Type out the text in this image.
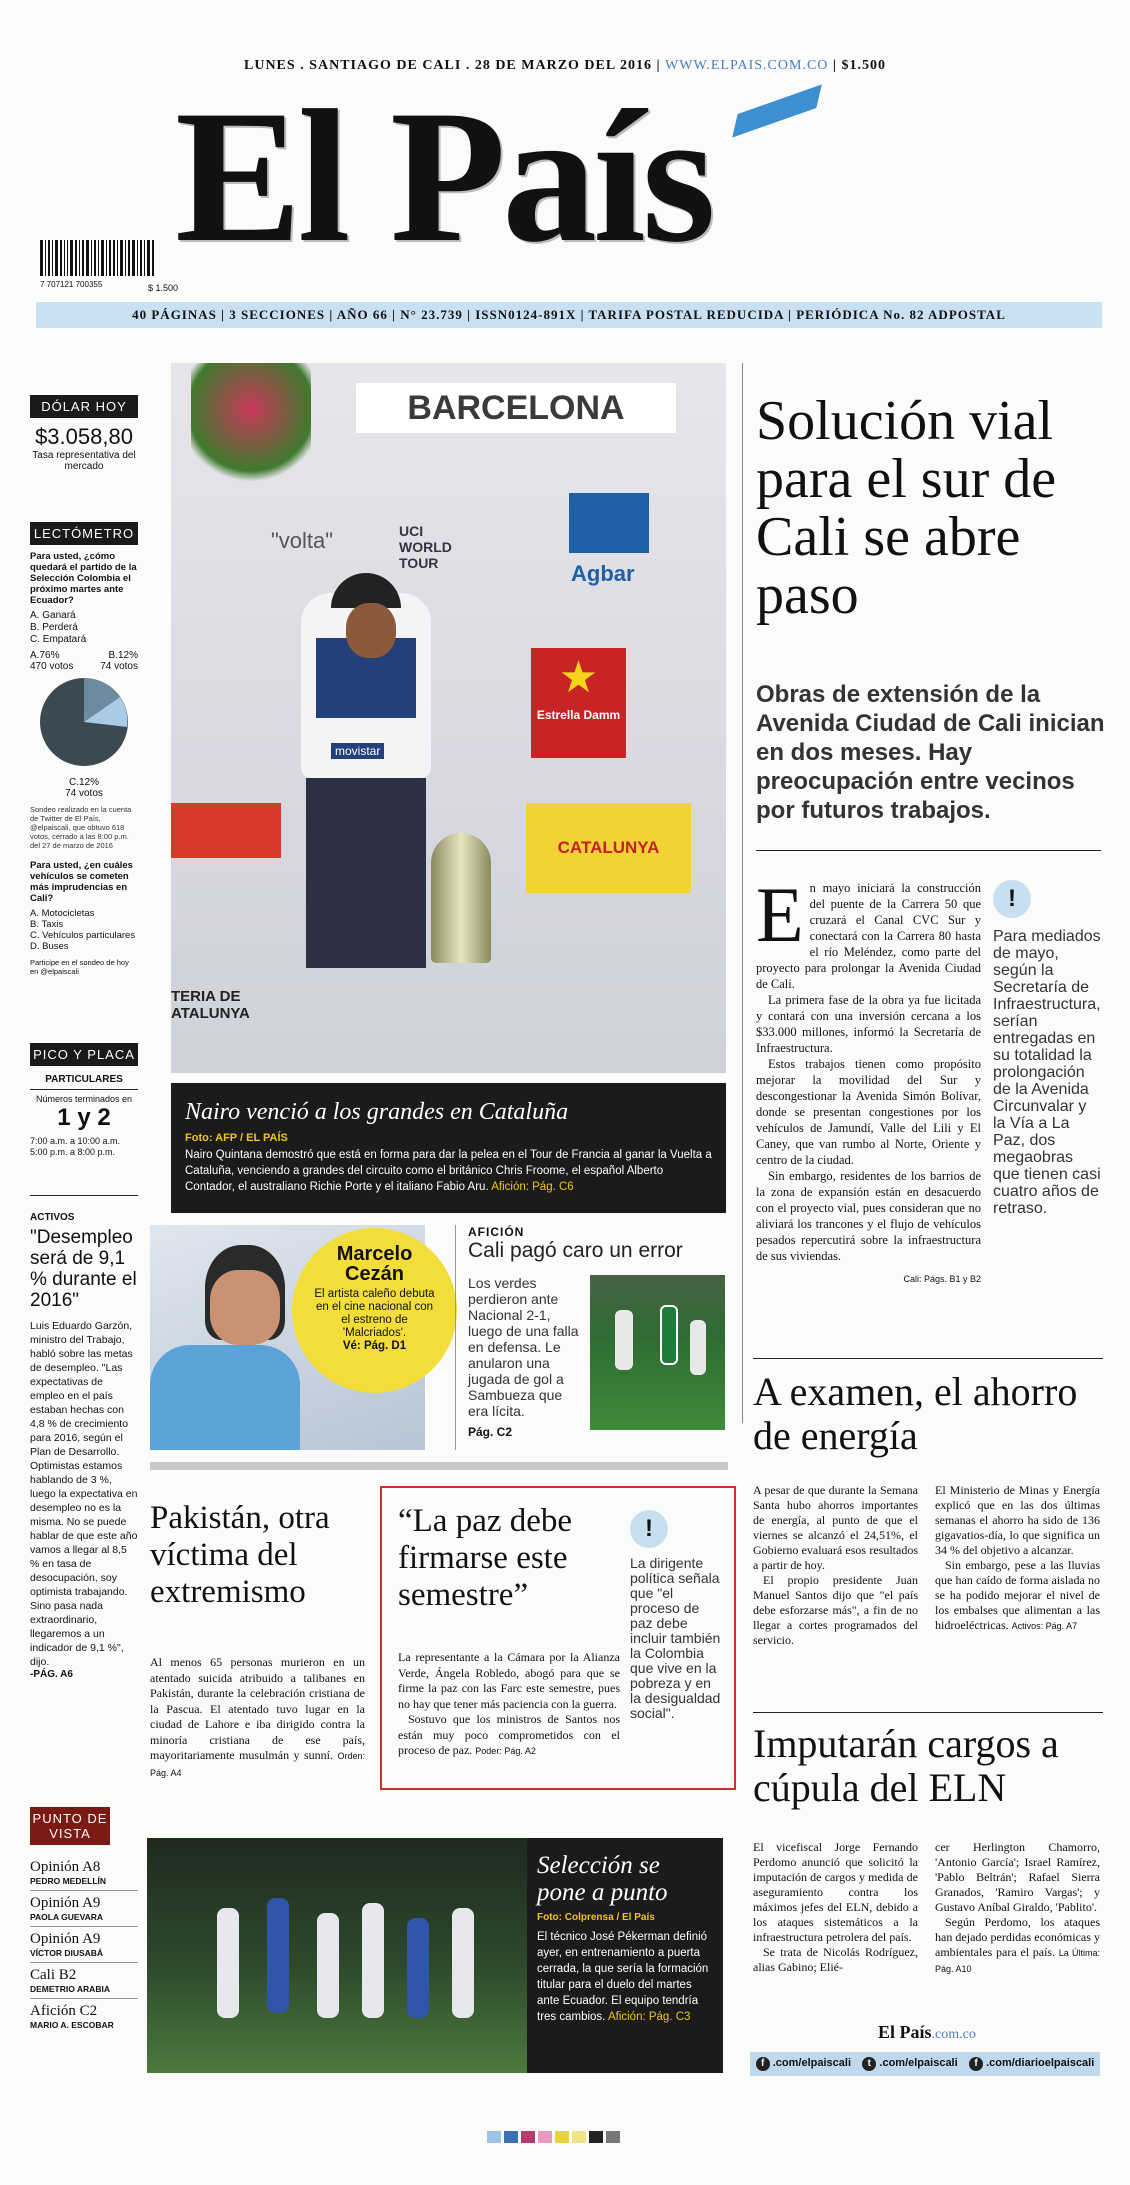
LUNES . SANTIAGO DE CALI . 28 DE MARZO DEL 2016 | WWW.ELPAIS.COM.CO | $1.500
El País
7 707121 700355	$ 1.500
40 PÁGINAS | 3 SECCIONES | AÑO 66 | N° 23.739 | ISSN0124-891X | TARIFA POSTAL REDUCIDA | PERIÓDICA No. 82 ADPOSTAL
DÓLAR HOY
$3.058,80
Tasa representativa del mercado
LECTÓMETRO
Para usted, ¿cómo quedará el partido de la Selección Colombia el próximo martes ante Ecuador?
A. Ganará
B. Perderá
C. Empatará
A.76%
470 votos
B.12%
74 votos
C.12%
74 votos
Sondeo realizado en la cuenta de Twitter de El País, @elpaiscali, que obtuvo 618 votos, cerrado a las 8:00 p.m. del 27 de marzo de 2016
Para usted, ¿en cuáles vehículos se cometen más imprudencias en Cali?
A. Motocicletas
B. Taxis
C. Vehículos particulares
D. Buses
Participe en el sondeo de hoy en @elpaiscali
PICO Y PLACA
PARTICULARES
Números terminados en
1 y 2
7:00 a.m. a 10:00 a.m. 5:00 p.m. a 8:00 p.m.
ACTIVOS
"Desempleo será de 9,1 % durante el 2016"
Luis Eduardo Garzón, ministro del Trabajo, habló sobre las metas de desempleo. "Las expectativas de empleo en el país estaban hechas con 4,8 % de crecimiento para 2016, según el Plan de Desarrollo. Optimistas estamos hablando de 3 %, luego la expectativa en desempleo no es la misma. No se puede hablar de que este año vamos a llegar al 8,5 % en tasa de desocupación, soy optimista trabajando. Sino pasa nada extraordinario, llegaremos a un indicador de 9,1 %", dijo.
-PÁG. A6
PUNTO DE VISTA
Opinión A8
PEDRO MEDELLÍN
Opinión A9
PAOLA GUEVARA
Opinión A9
VÍCTOR DIUSABÁ
Cali B2
DEMETRIO ARABIA
Afición C2
MARIO A. ESCOBAR
BARCELONA
"volta"	UCI WORLD TOUR	Agbar
★
Estrella Damm
CATALUNYA
TERIA DE ATALUNYA
movistar
Nairo venció a los grandes en Cataluña
Foto: AFP / EL PAÍS

Nairo Quintana demostró que está en forma para dar la pelea en el Tour de Francia al ganar la Vuelta a Cataluña, venciendo a grandes del circuito como el británico Chris Froome, el español Alberto Contador, el australiano Richie Porte y el italiano Fabio Aru. Afición: Pág. C6

Solución vial para el sur de Cali se abre paso
Obras de extensión de la Avenida Ciudad de Cali inician en dos meses. Hay preocupación entre vecinos por futuros trabajos.
E n mayo iniciará la construcción del puente de la Carrera 50 que cruzará el Canal CVC Sur y conectará con la Carrera 80 hasta el río Meléndez, como parte del proyecto para prolongar la Avenida Ciudad de Cali.

La primera fase de la obra ya fue licitada y contará con una inversión cercana a los $33.000 millones, informó la Secretaría de Infraestructura.

Estos trabajos tienen como propósito mejorar la movilidad del Sur y descongestionar la Avenida Simón Bolívar, donde se presentan congestiones por los vehículos de Jamundí, Valle del Lili y El Caney, que van rumbo al Norte, Oriente y centro de la ciudad.

Sin embargo, residentes de los barrios de la zona de expansión están en desacuerdo con el proyecto vial, pues consideran que no aliviará los trancones y el flujo de vehículos pesados repercutirá sobre la infraestructura de sus viviendas.

Cali: Págs. B1 y B2
!
Para mediados de mayo, según la Secretaría de Infraestructura, serían entregadas en su totalidad la prolongación de la Avenida Circunvalar y la Vía a La Paz, dos megaobras que tienen casi cuatro años de retraso.
Marcelo Cezán
El artista caleño debuta en el cine nacional con el estreno de 'Malcriados'.
Vé: Pág. D1
AFICIÓN
Cali pagó caro un error
Los verdes perdieron ante Nacional 2-1, luego de una falla en defensa. Le anularon una jugada de gol a Sambueza que era lícita.
Pág. C2
A examen, el ahorro de energía

A pesar de que durante la Semana Santa hubo ahorros importantes de energía, al punto de que el viernes se alcanzó el 24,51%, el Gobierno evaluará esos resultados a partir de hoy.

El propio presidente Juan Manuel Santos dijo que "el país debe esforzarse más", a fin de no llegar a cortes programados del servicio.

El Ministerio de Minas y Energía explicó que en las dos últimas semanas el ahorro ha sido de 136 gigavatios-día, lo que significa un 34 % del objetivo a alcanzar.

Sin embargo, pese a las lluvias que han caído de forma aislada no se ha podido mejorar el nivel de los embalses que alimentan a las hidroeléctricas. Activos: Pág. A7

Pakistán, otra víctima del extremismo

Al menos 65 personas murieron en un atentado suicida atribuido a talibanes en Pakistán, durante la celebración cristiana de la Pascua. El atentado tuvo lugar en la ciudad de Lahore e iba dirigido contra la minoría cristiana de ese país, mayoritariamente musulmán y sunní. Orden: Pág. A4

“La paz debe firmarse este semestre”

La representante a la Cámara por la Alianza Verde, Ángela Robledo, abogó para que se firme la paz con las Farc este semestre, pues no hay que tener más paciencia con la guerra.

Sostuvo que los ministros de Santos nos están muy poco comprometidos con el proceso de paz. Poder: Pág. A2

!
La dirigente política señala que "el proceso de paz debe incluir también la Colombia que vive en la pobreza y en la desigualdad social".
Imputarán cargos a cúpula del ELN

El vicefiscal Jorge Fernando Perdomo anunció que solicitó la imputación de cargos y medida de aseguramiento contra los máximos jefes del ELN, debido a los ataques sistemáticos a la infraestructura petrolera del país.

Se trata de Nicolás Rodríguez, alias Gabino; Elié-

cer Herlington Chamorro, 'Antonio García'; Israel Ramírez, 'Pablo Beltrán'; Rafael Sierra Granados, 'Ramiro Vargas'; y Gustavo Aníbal Giraldo, 'Pablito'.

Según Perdomo, los ataques han dejado perdidas económicas y ambientales para el país. La Última: Pág. A10

Selección se pone a punto
Foto: Colprensa / El País

El técnico José Pékerman definió ayer, en entrenamiento a puerta cerrada, la que sería la formación titular para el duelo del martes ante Ecuador. El equipo tendría tres cambios. Afición: Pág. C3

El País.com.co
f .com/elpaiscali	t .com/elpaiscali	f .com/diarioelpaiscali
